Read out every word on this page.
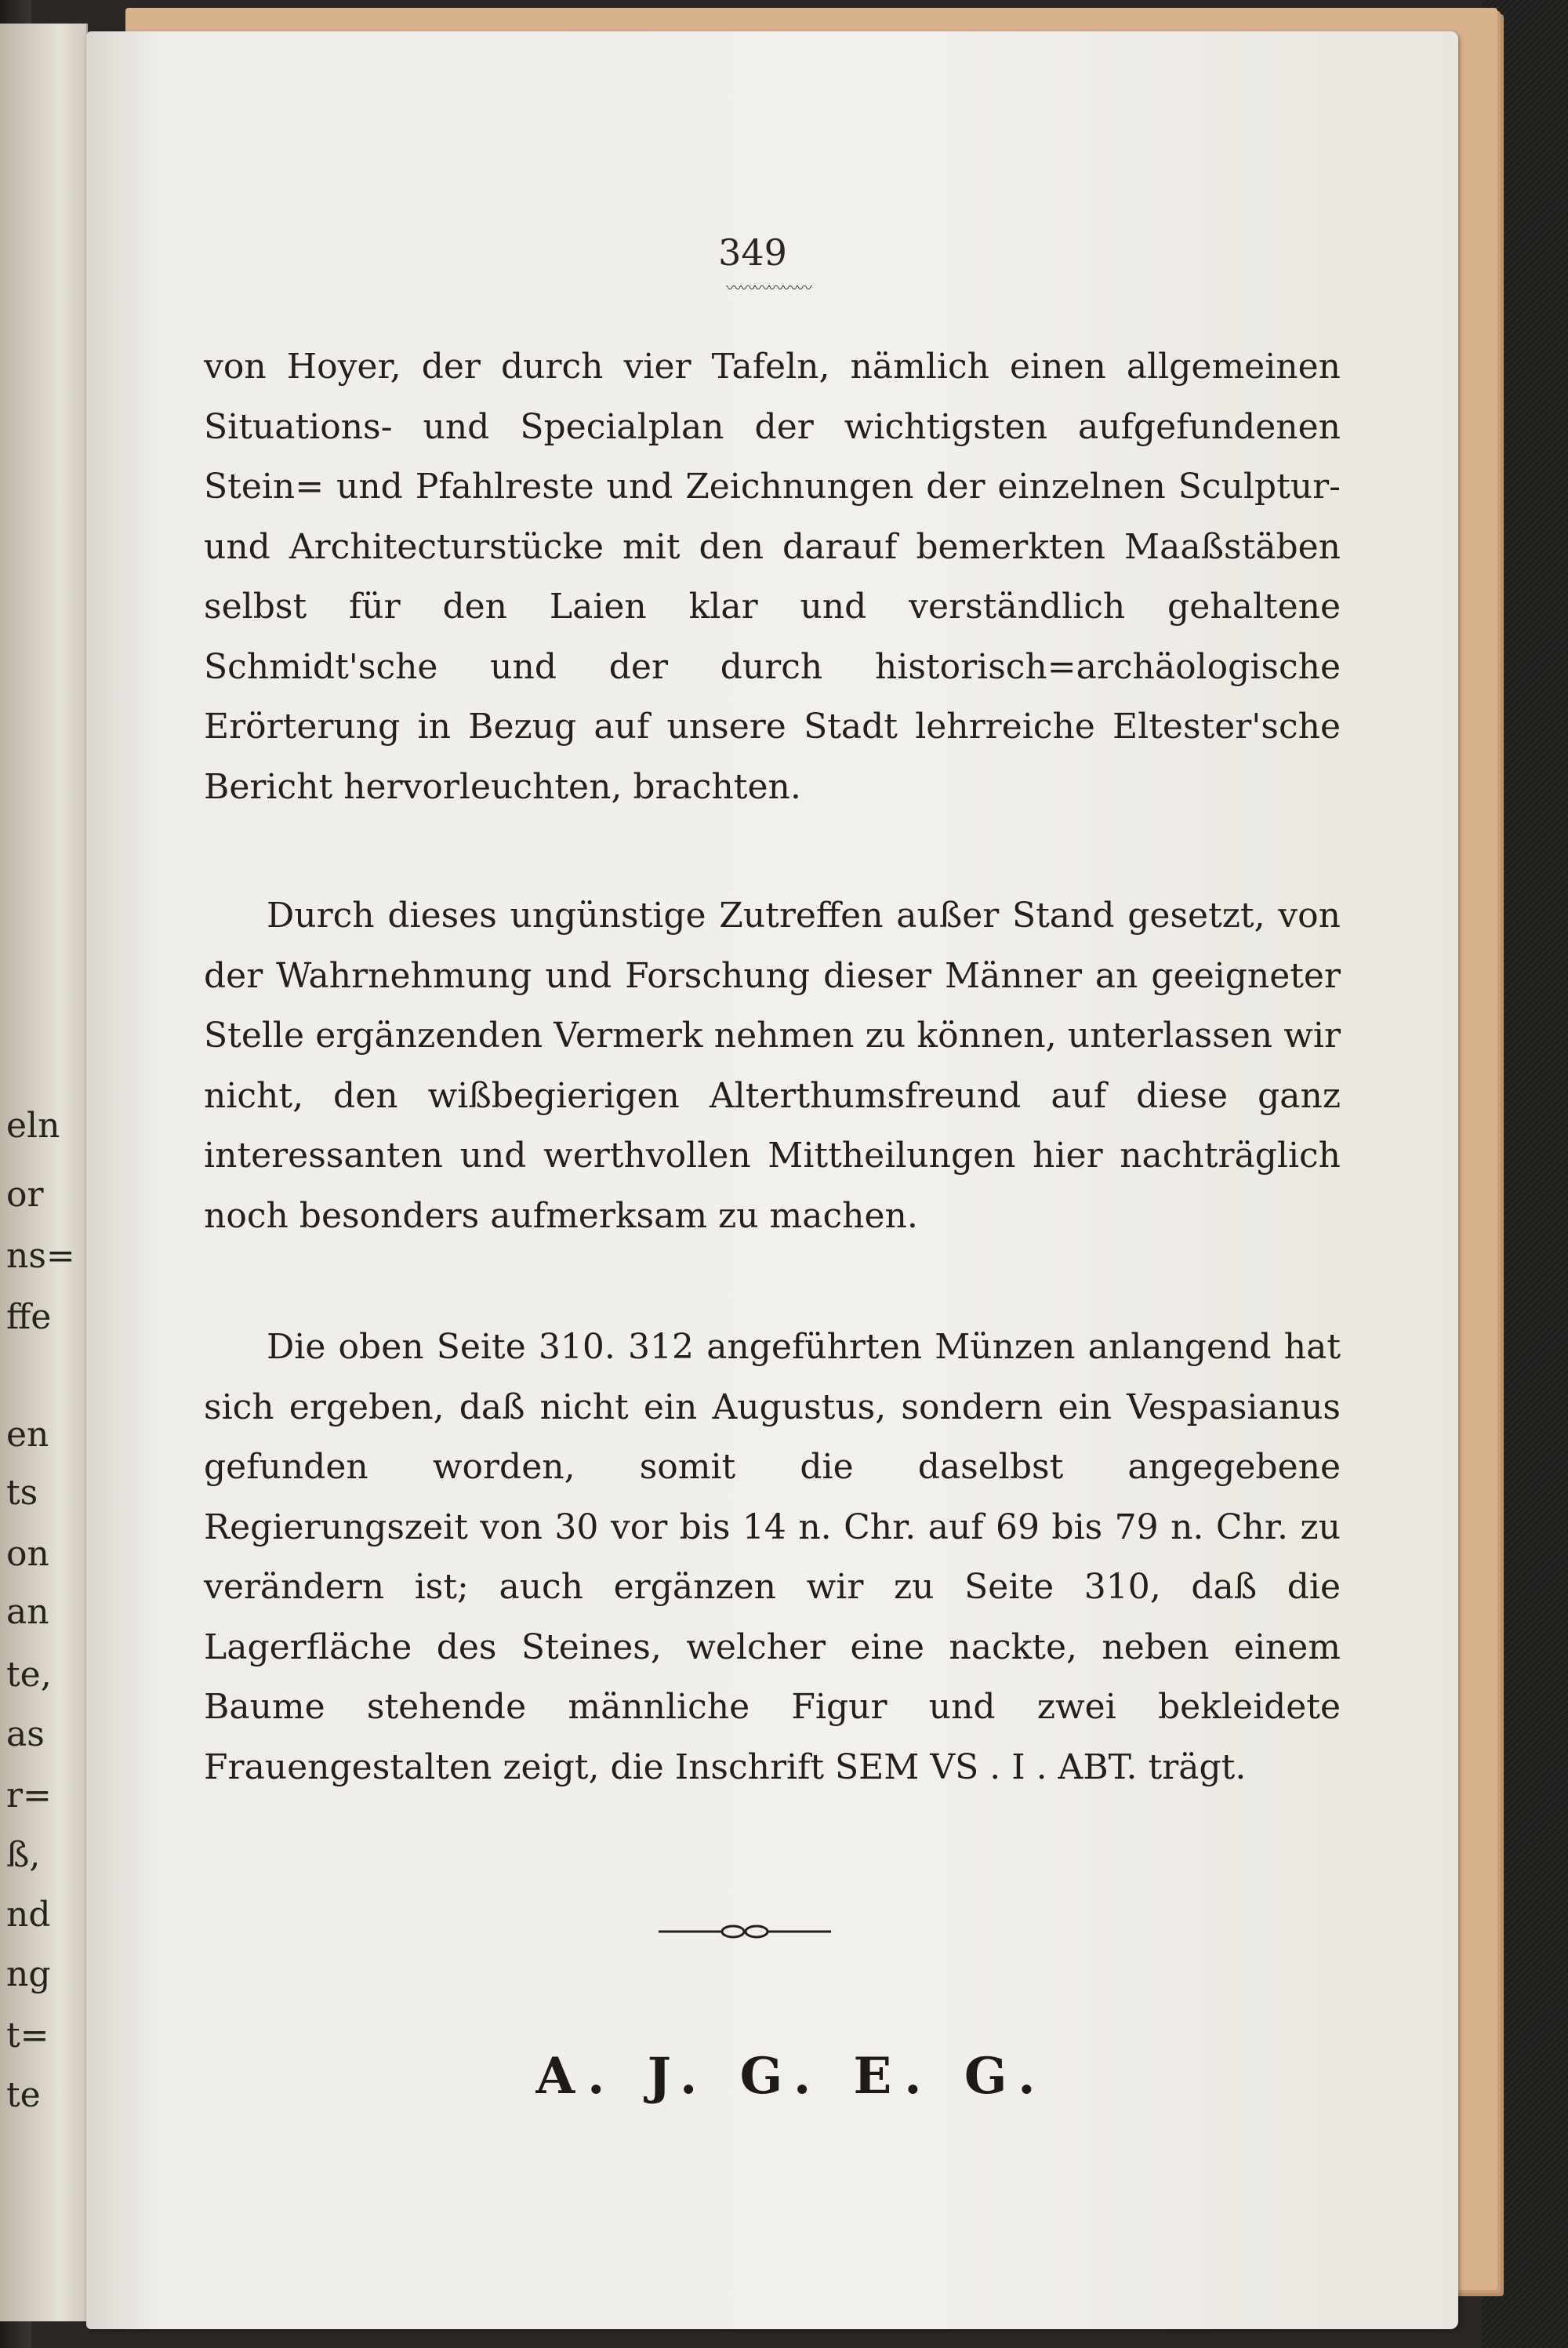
eln
or
ns=
ffe
en
ts
on
an
te,
as
r=
ß,
nd
ng
t=
te
349
〰〰〰〰〰〰
von Hoyer, der durch vier Tafeln, nämlich einen allgemeinen Situations- und Specialplan der wichtigsten aufgefundenen Stein= und Pfahlreste und Zeichnungen der einzelnen Sculptur- und Architecturstücke mit den darauf bemerkten Maaßstäben selbst für den Laien klar und verständlich gehaltene Schmidt'sche und der durch historisch=archäologische Erörterung in Bezug auf unsere Stadt lehrreiche Eltester'sche Bericht hervorleuchten, brachten.
Durch dieses ungünstige Zutreffen außer Stand gesetzt, von der Wahrnehmung und Forschung dieser Männer an geeigneter Stelle ergänzenden Vermerk nehmen zu können, unterlassen wir nicht, den wißbegierigen Alterthumsfreund auf diese ganz interessanten und werthvollen Mittheilungen hier nachträglich noch besonders aufmerksam zu machen.
Die oben Seite 310. 312 angeführten Münzen anlangend hat sich ergeben, daß nicht ein Augustus, sondern ein Vespasianus gefunden worden, somit die daselbst angegebene Regierungszeit von 30 vor bis 14 n. Chr. auf 69 bis 79 n. Chr. zu verändern ist; auch ergänzen wir zu Seite 310, daß die Lagerfläche des Steines, welcher eine nackte, neben einem Baume stehende männliche Figur und zwei bekleidete Frauengestalten zeigt, die Inschrift SEM VS . I . ABT. trägt.
A. J. G. E. G.
